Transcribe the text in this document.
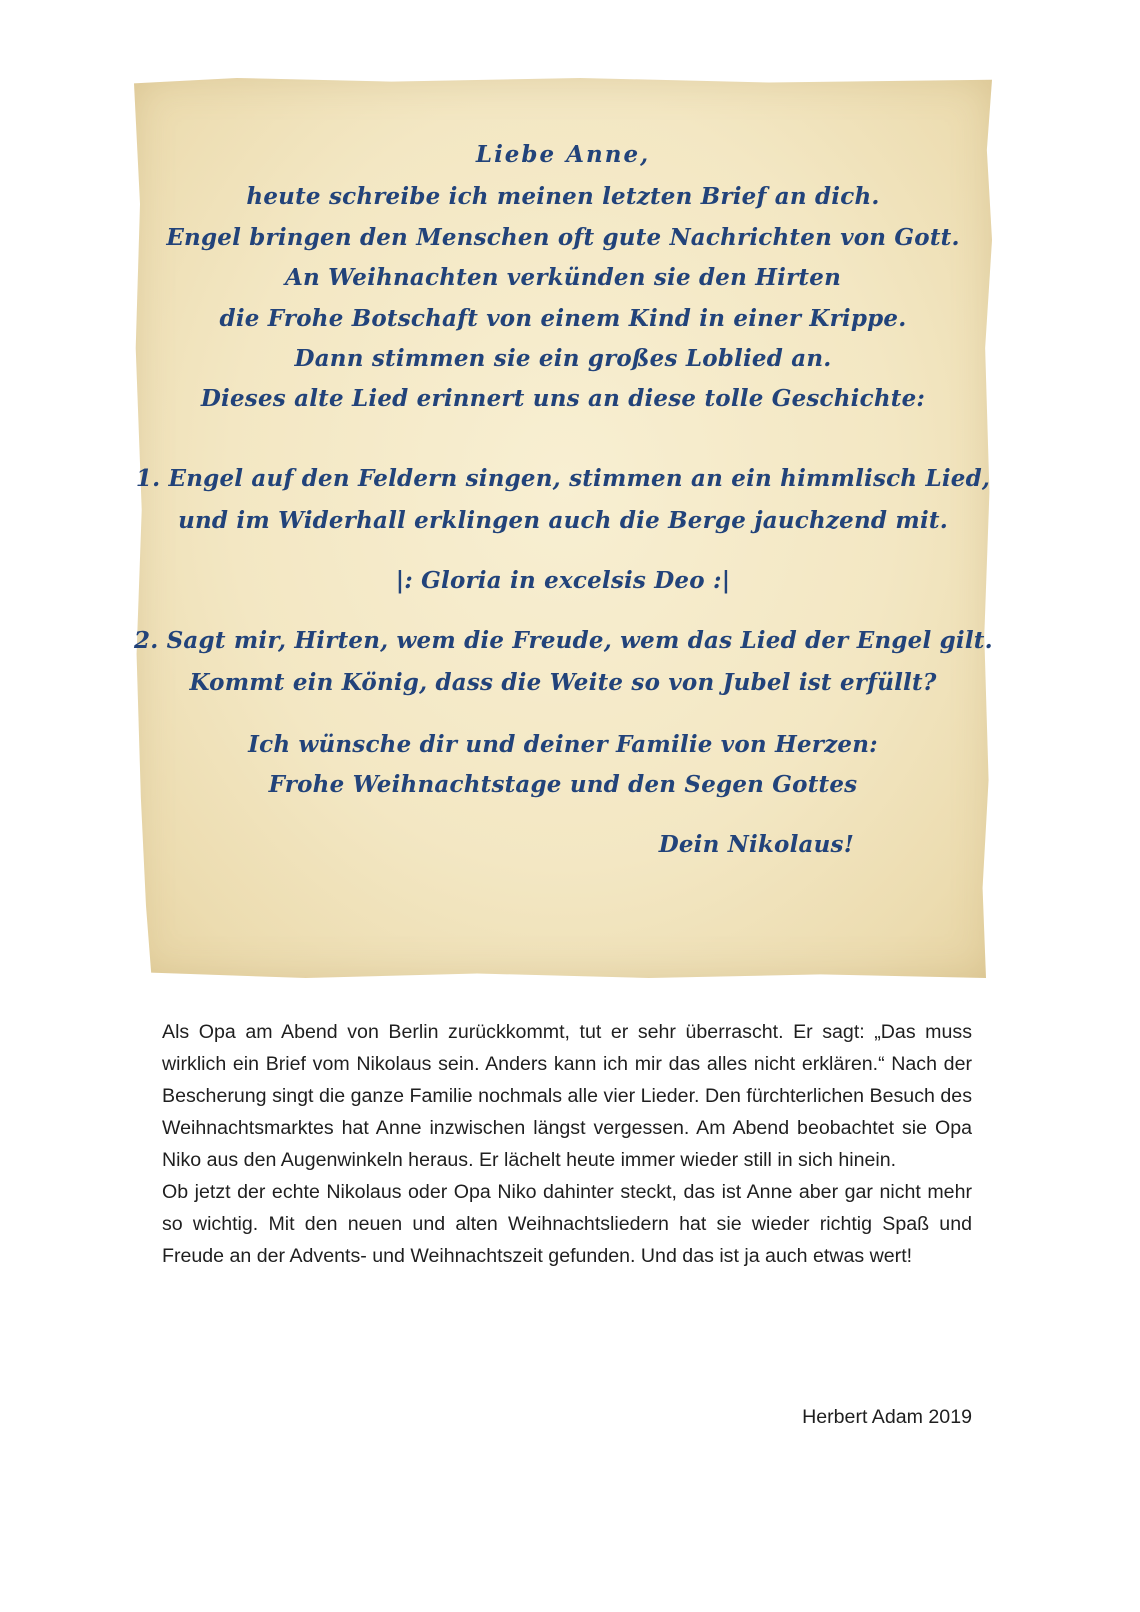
Liebe Anne,
heute schreibe ich meinen letzten Brief an dich.
Engel bringen den Menschen oft gute Nachrichten von Gott.
An Weihnachten verkünden sie den Hirten
die Frohe Botschaft von einem Kind in einer Krippe.
Dann stimmen sie ein großes Loblied an.
Dieses alte Lied erinnert uns an diese tolle Geschichte:
1. Engel auf den Feldern singen, stimmen an ein himmlisch Lied,
und im Widerhall erklingen auch die Berge jauchzend mit.
|: Gloria in excelsis Deo :|
2. Sagt mir, Hirten, wem die Freude, wem das Lied der Engel gilt.
Kommt ein König, dass die Weite so von Jubel ist erfüllt?
Ich wünsche dir und deiner Familie von Herzen:
Frohe Weihnachtstage und den Segen Gottes
Dein Nikolaus!

Als Opa am Abend von Berlin zurückkommt, tut er sehr überrascht. Er sagt: „Das muss wirklich ein Brief vom Nikolaus sein. Anders kann ich mir das alles nicht erklären.“ Nach der Bescherung singt die ganze Familie nochmals alle vier Lieder. Den fürchterlichen Besuch des Weihnachtsmarktes hat Anne inzwischen längst vergessen. Am Abend beobachtet sie Opa Niko aus den Augenwinkeln heraus. Er lächelt heute immer wieder still in sich hinein.

Ob jetzt der echte Nikolaus oder Opa Niko dahinter steckt, das ist Anne aber gar nicht mehr so wichtig. Mit den neuen und alten Weihnachtsliedern hat sie wieder richtig Spaß und Freude an der Advents- und Weihnachtszeit gefunden. Und das ist ja auch etwas wert!

Herbert Adam 2019
